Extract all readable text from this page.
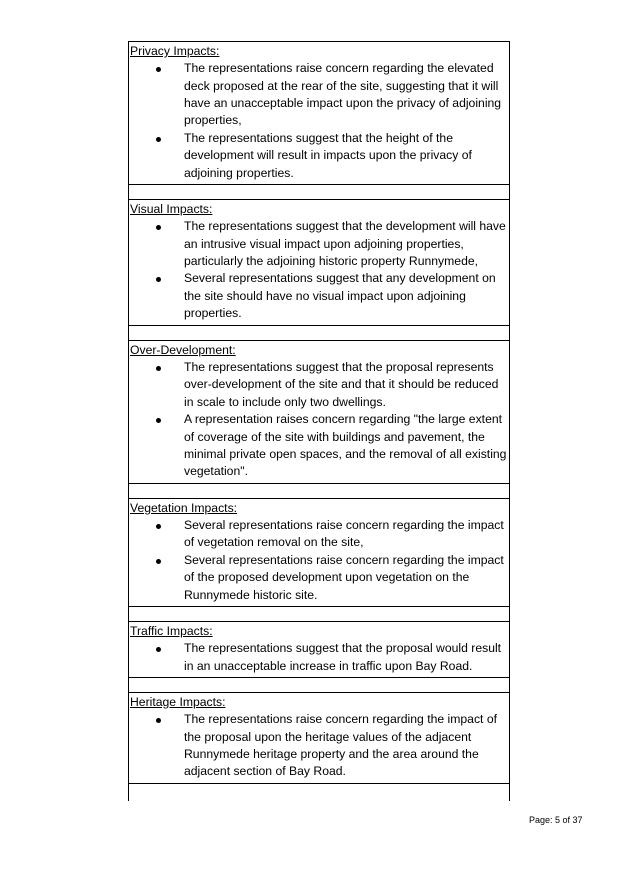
Privacy Impacts:
The representations raise concern regarding the elevated deck proposed at the rear of the site, suggesting that it will have an unacceptable impact upon the privacy of adjoining properties,
The representations suggest that the height of the development will result in impacts upon the privacy of adjoining properties.
Visual Impacts:
The representations suggest that the development will have an intrusive visual impact upon adjoining properties, particularly the adjoining historic property Runnymede,
Several representations suggest that any development on the site should have no visual impact upon adjoining properties.
Over-Development:
The representations suggest that the proposal represents over-development of the site and that it should be reduced in scale to include only two dwellings.
A representation raises concern regarding "the large extent of coverage of the site with buildings and pavement, the minimal private open spaces, and the removal of all existing vegetation".
Vegetation Impacts:
Several representations raise concern regarding the impact of vegetation removal on the site,
Several representations raise concern regarding the impact of the proposed development upon vegetation on the Runnymede historic site.
Traffic Impacts:
The representations suggest that the proposal would result in an unacceptable increase in traffic upon Bay Road.
Heritage Impacts:
The representations raise concern regarding the impact of the proposal upon the heritage values of the adjacent Runnymede heritage property and the area around the adjacent section of Bay Road.
Page: 5 of 37
